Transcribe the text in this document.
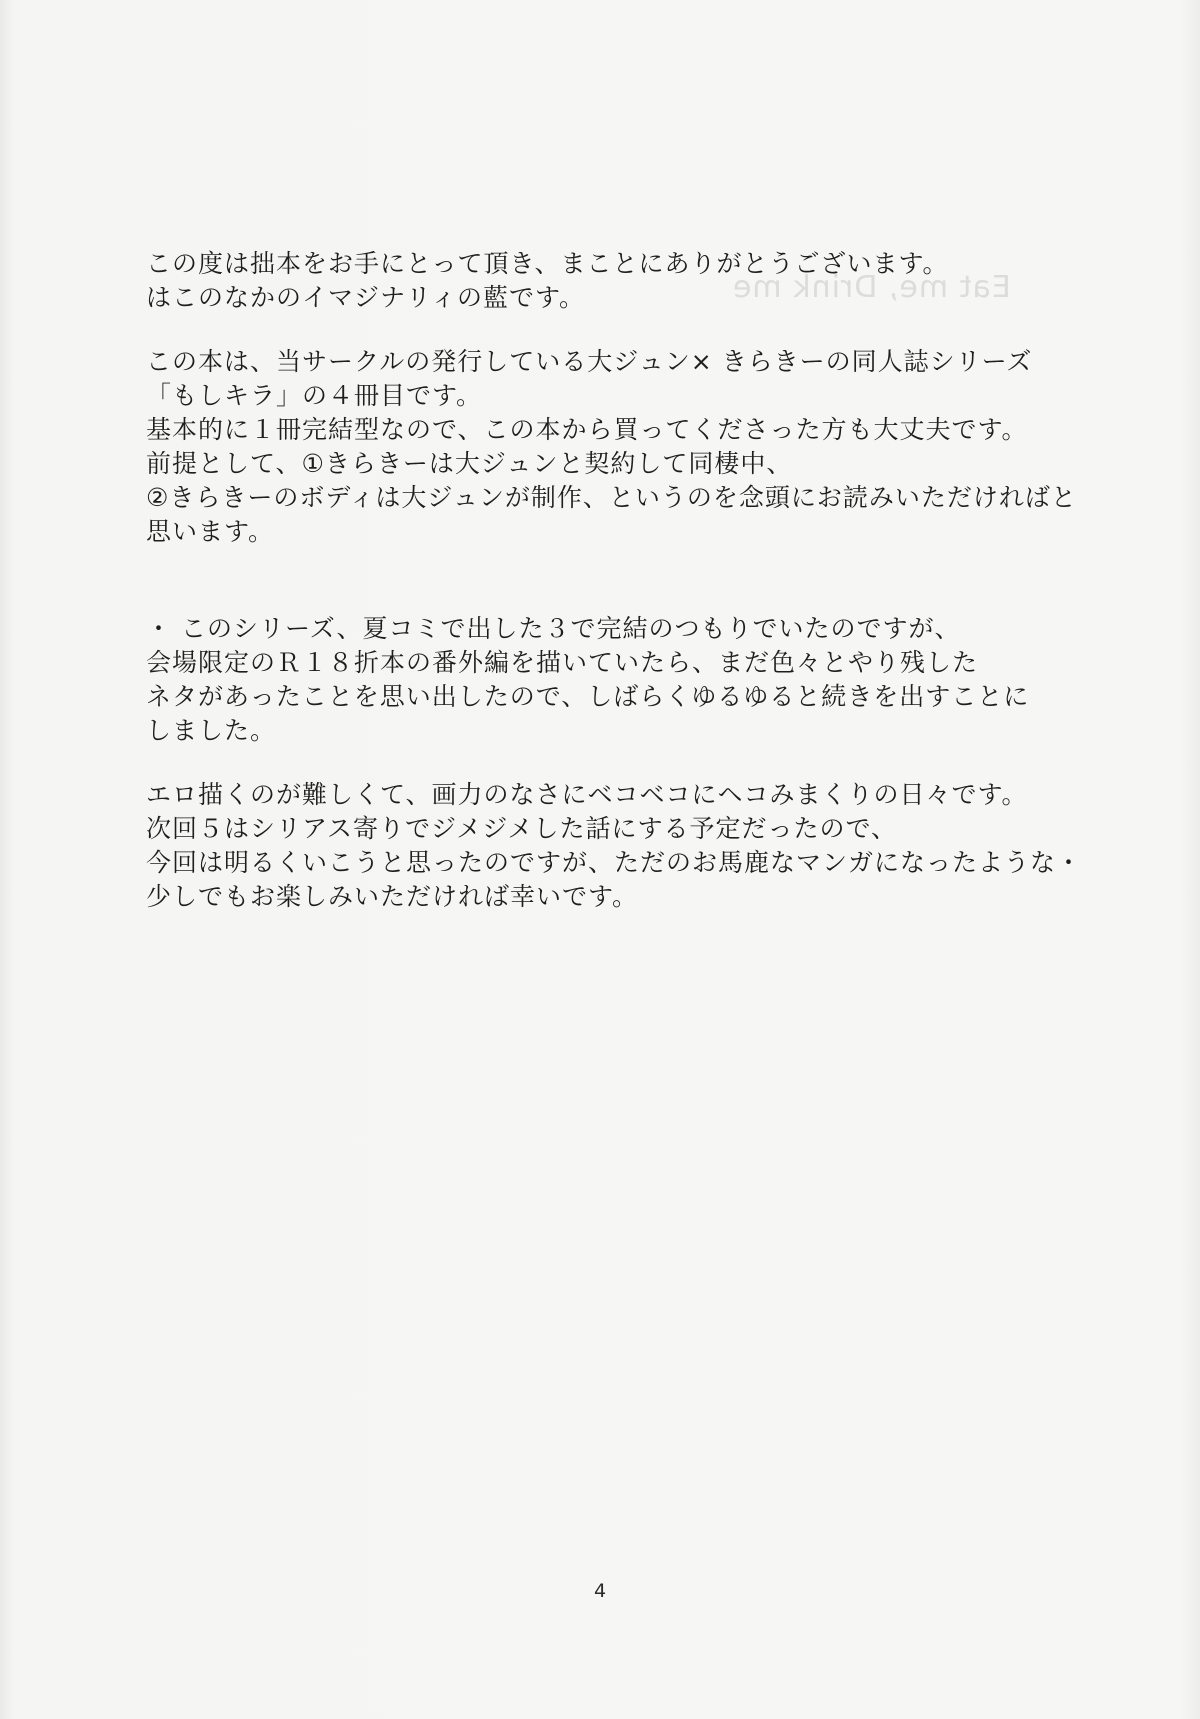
Eat me, Drink me
この度は拙本をお手にとって頂き、まことにありがとうございます。
はこのなかのイマジナリィの藍です。
この本は、当サークルの発行している大ジュン× きらきーの同人誌シリーズ
「もしキラ」の４冊目です。
基本的に１冊完結型なので、この本から買ってくださった方も大丈夫です。
前提として、①きらきーは大ジュンと契約して同棲中、
②きらきーのボディは大ジュンが制作、というのを念頭にお読みいただければと
思います。
・ このシリーズ、夏コミで出した３で完結のつもりでいたのですが、
会場限定のＲ１８折本の番外編を描いていたら、まだ色々とやり残した
ネタがあったことを思い出したので、しばらくゆるゆると続きを出すことに
しました。
エロ描くのが難しくて、画力のなさにベコベコにヘコみまくりの日々です。
次回５はシリアス寄りでジメジメした話にする予定だったので、
今回は明るくいこうと思ったのですが、ただのお馬鹿なマンガになったような・
少しでもお楽しみいただければ幸いです。
4
